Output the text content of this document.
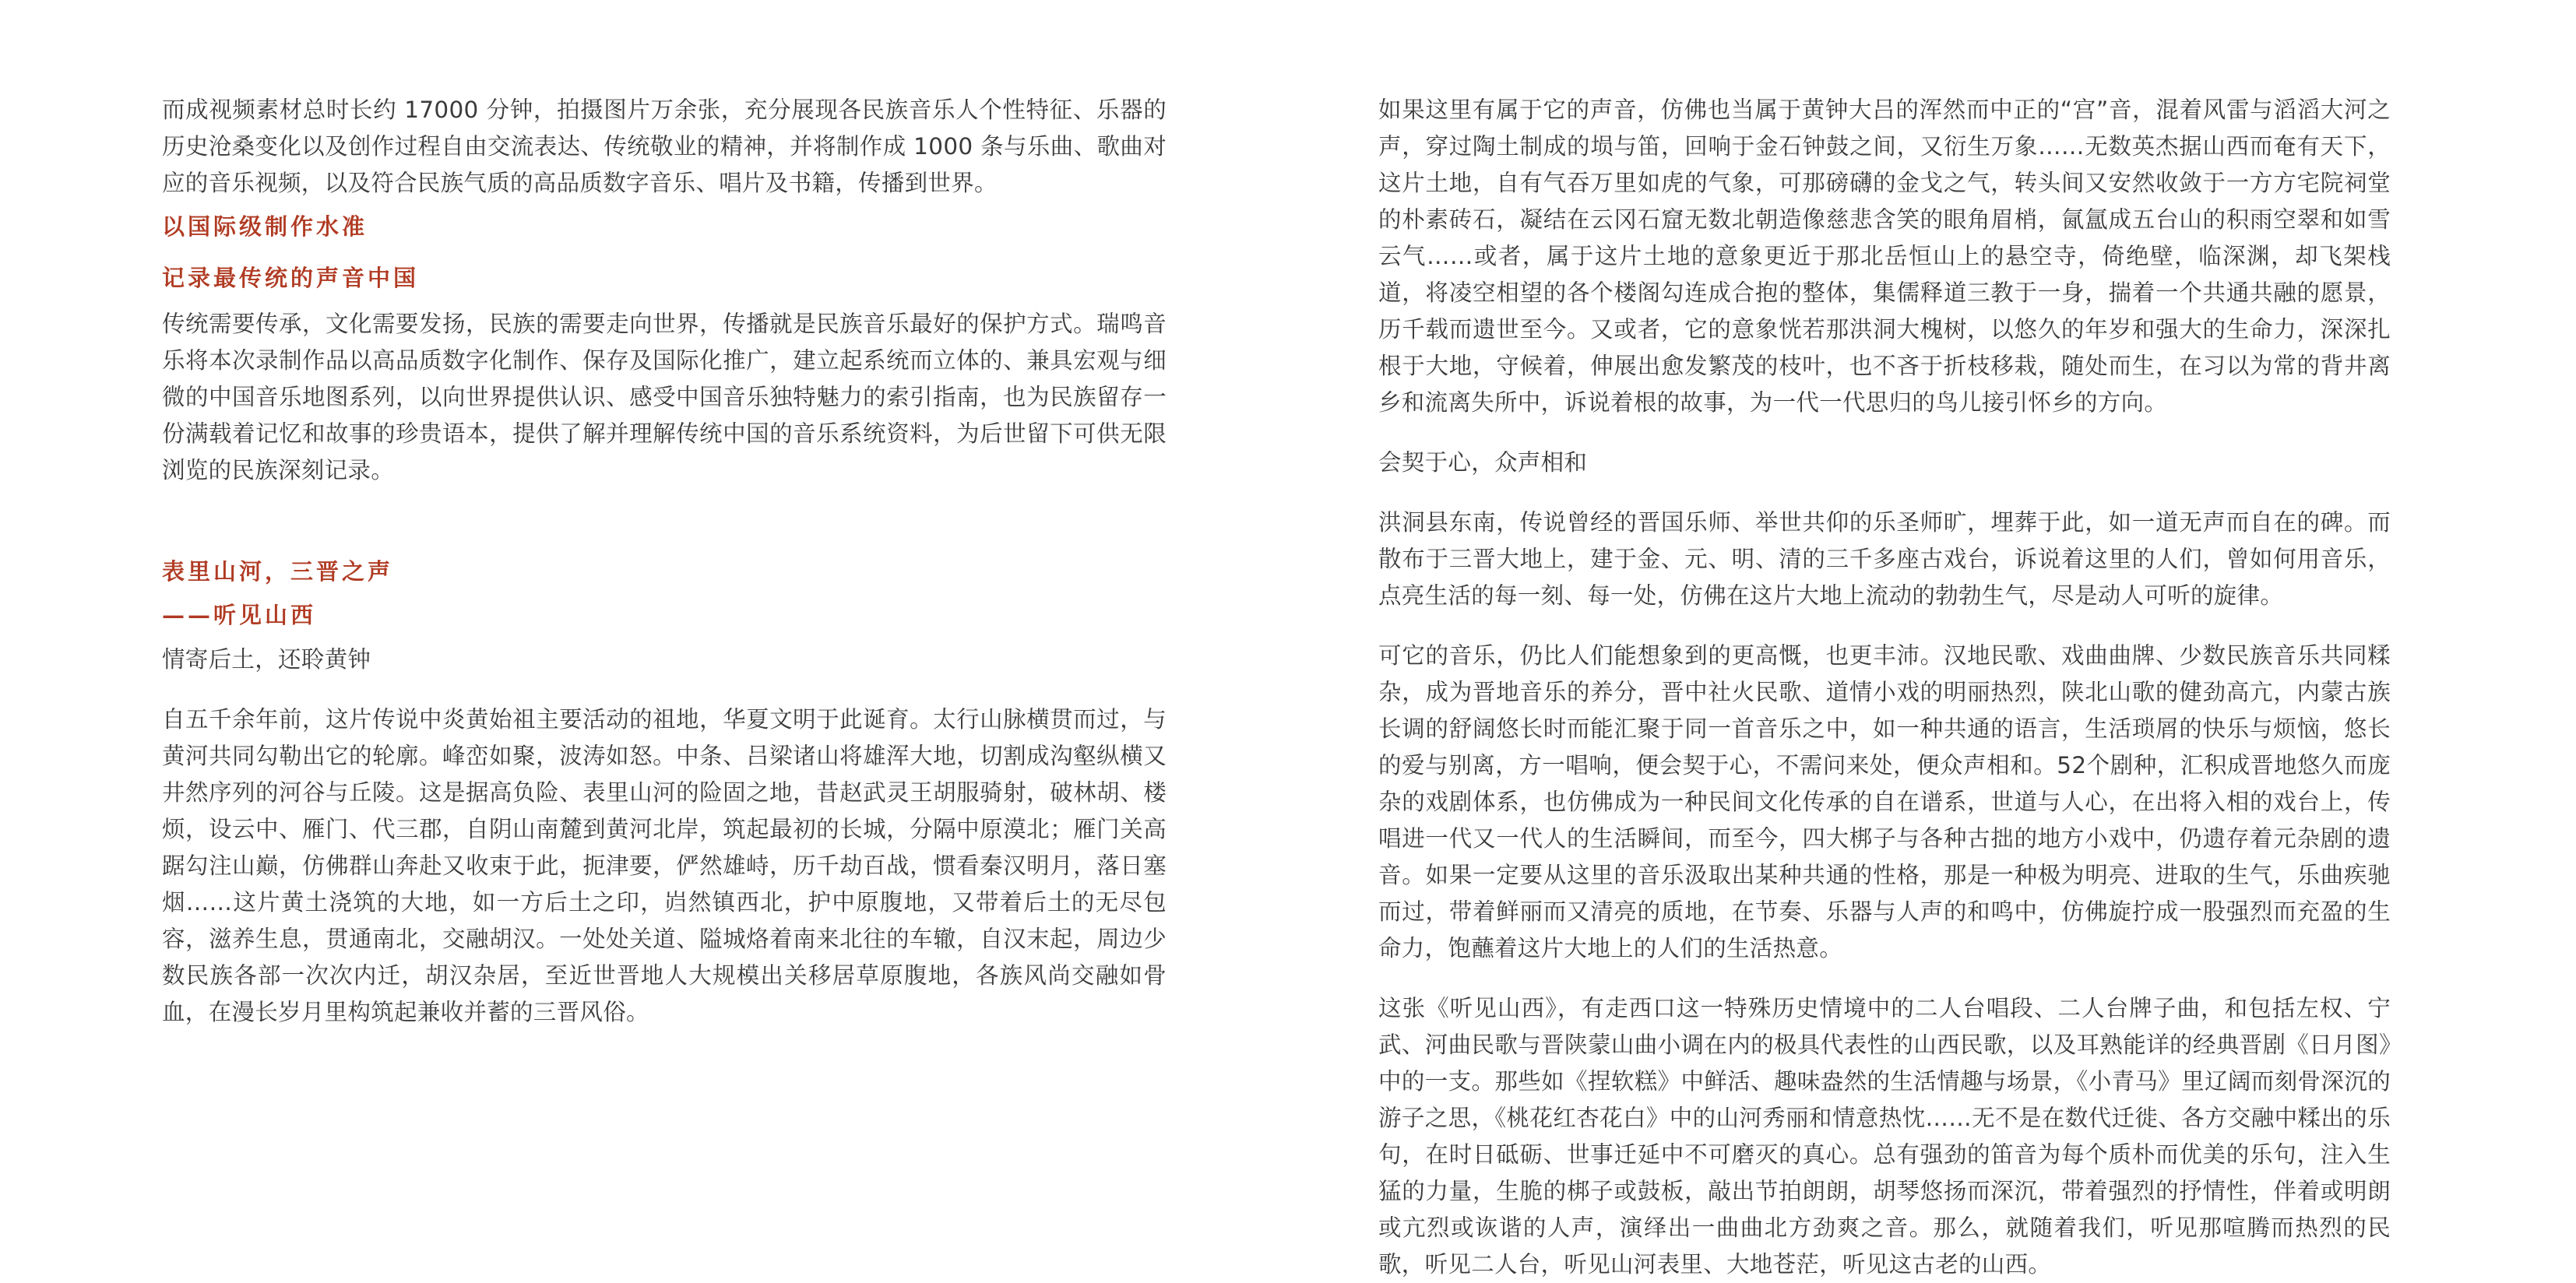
而成视频素材总时长约 17000 分钟，拍摄图片万余张，充分展现各民族音乐人个性特征、乐器的历史沧桑变化以及创作过程自由交流表达、传统敬业的精神，并将制作成 1000 条与乐曲、歌曲对应的音乐视频，以及符合民族气质的高品质数字音乐、唱片及书籍，传播到世界。

以国际级制作水准

记录最传统的声音中国

传统需要传承，文化需要发扬，民族的需要走向世界，传播就是民族音乐最好的保护方式。瑞鸣音乐将本次录制作品以高品质数字化制作、保存及国际化推广，建立起系统而立体的、兼具宏观与细微的中国音乐地图系列，以向世界提供认识、感受中国音乐独特魅力的索引指南，也为民族留存一份满载着记忆和故事的珍贵语本，提供了解并理解传统中国的音乐系统资料，为后世留下可供无限浏览的民族深刻记录。

表里山河，三晋之声

——听见山西

情寄后土，还聆黄钟

自五千余年前，这片传说中炎黄始祖主要活动的祖地，华夏文明于此诞育。太行山脉横贯而过，与黄河共同勾勒出它的轮廓。峰峦如聚，波涛如怒。中条、吕梁诸山将雄浑大地，切割成沟壑纵横又井然序列的河谷与丘陵。这是据高负险、表里山河的险固之地，昔赵武灵王胡服骑射，破林胡、楼烦，设云中、雁门、代三郡，自阴山南麓到黄河北岸，筑起最初的长城，分隔中原漠北；雁门关高踞勾注山巅，仿佛群山奔赴又收束于此，扼津要，俨然雄峙，历千劫百战，惯看秦汉明月，落日塞烟……这片黄土浇筑的大地，如一方后土之印，岿然镇西北，护中原腹地，又带着后土的无尽包容，滋养生息，贯通南北，交融胡汉。一处处关道、隘城烙着南来北往的车辙，自汉末起，周边少数民族各部一次次内迁，胡汉杂居，至近世晋地人大规模出关移居草原腹地，各族风尚交融如骨血，在漫长岁月里构筑起兼收并蓄的三晋风俗。

如果这里有属于它的声音，仿佛也当属于黄钟大吕的浑然而中正的“宫”音，混着风雷与滔滔大河之声，穿过陶土制成的埙与笛，回响于金石钟鼓之间，又衍生万象……无数英杰据山西而奄有天下，这片土地，自有气吞万里如虎的气象，可那磅礴的金戈之气，转头间又安然收敛于一方方宅院祠堂的朴素砖石，凝结在云冈石窟无数北朝造像慈悲含笑的眼角眉梢，氤氲成五台山的积雨空翠和如雪云气……或者，属于这片土地的意象更近于那北岳恒山上的悬空寺，倚绝壁，临深渊，却飞架栈道，将凌空相望的各个楼阁勾连成合抱的整体，集儒释道三教于一身，揣着一个共通共融的愿景，历千载而遗世至今。又或者，它的意象恍若那洪洞大槐树，以悠久的年岁和强大的生命力，深深扎根于大地，守候着，伸展出愈发繁茂的枝叶，也不吝于折枝移栽，随处而生，在习以为常的背井离乡和流离失所中，诉说着根的故事，为一代一代思归的鸟儿接引怀乡的方向。

会契于心，众声相和

洪洞县东南，传说曾经的晋国乐师、举世共仰的乐圣师旷，埋葬于此，如一道无声而自在的碑。而散布于三晋大地上，建于金、元、明、清的三千多座古戏台，诉说着这里的人们，曾如何用音乐，点亮生活的每一刻、每一处，仿佛在这片大地上流动的勃勃生气，尽是动人可听的旋律。

可它的音乐，仍比人们能想象到的更高慨，也更丰沛。汉地民歌、戏曲曲牌、少数民族音乐共同糅杂，成为晋地音乐的养分，晋中社火民歌、道情小戏的明丽热烈，陕北山歌的健劲高亢，内蒙古族长调的舒阔悠长时而能汇聚于同一首音乐之中，如一种共通的语言，生活琐屑的快乐与烦恼，悠长的爱与别离，方一唱响，便会契于心，不需问来处，便众声相和。52个剧种，汇积成晋地悠久而庞杂的戏剧体系，也仿佛成为一种民间文化传承的自在谱系，世道与人心，在出将入相的戏台上，传唱进一代又一代人的生活瞬间，而至今，四大梆子与各种古拙的地方小戏中，仍遗存着元杂剧的遗音。如果一定要从这里的音乐汲取出某种共通的性格，那是一种极为明亮、进取的生气，乐曲疾驰而过，带着鲜丽而又清亮的质地，在节奏、乐器与人声的和鸣中，仿佛旋拧成一股强烈而充盈的生命力，饱蘸着这片大地上的人们的生活热意。

这张《听见山西》，有走西口这一特殊历史情境中的二人台唱段、二人台牌子曲，和包括左权、宁武、河曲民歌与晋陕蒙山曲小调在内的极具代表性的山西民歌，以及耳熟能详的经典晋剧《日月图》中的一支。那些如《捏软糕》中鲜活、趣味盎然的生活情趣与场景，《小青马》里辽阔而刻骨深沉的游子之思，《桃花红杏花白》中的山河秀丽和情意热忱……无不是在数代迁徙、各方交融中糅出的乐句，在时日砥砺、世事迁延中不可磨灭的真心。总有强劲的笛音为每个质朴而优美的乐句，注入生猛的力量，生脆的梆子或鼓板，敲出节拍朗朗，胡琴悠扬而深沉，带着强烈的抒情性，伴着或明朗或亢烈或诙谐的人声，演绎出一曲曲北方劲爽之音。那么，就随着我们，听见那喧腾而热烈的民歌，听见二人台，听见山河表里、大地苍茫，听见这古老的山西。
